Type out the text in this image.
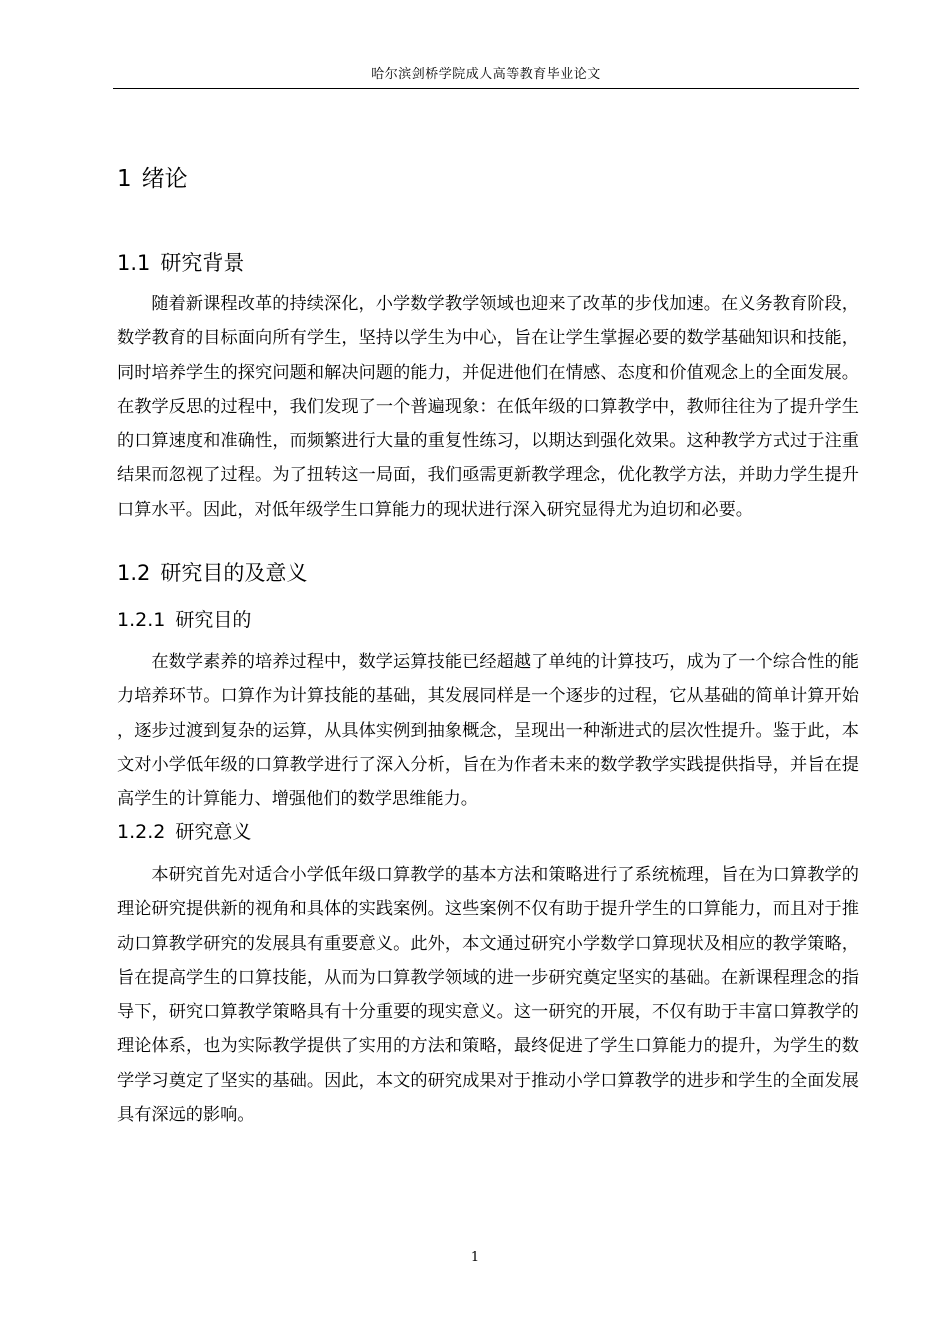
哈尔滨剑桥学院成人高等教育毕业论文
1 绪论
1.1 研究背景

随着新课程改革的持续深化，小学数学教学领域也迎来了改革的步伐加速。在义务教育阶段，数学教育的目标面向所有学生，坚持以学生为中心，旨在让学生掌握必要的数学基础知识和技能，同时培养学生的探究问题和解决问题的能力，并促进他们在情感、态度和价值观念上的全面发展。在教学反思的过程中，我们发现了一个普遍现象：在低年级的口算教学中，教师往往为了提升学生的口算速度和准确性，而频繁进行大量的重复性练习，以期达到强化效果。这种教学方式过于注重结果而忽视了过程。为了扭转这一局面，我们亟需更新教学理念，优化教学方法，并助力学生提升口算水平。因此，对低年级学生口算能力的现状进行深入研究显得尤为迫切和必要。

1.2 研究目的及意义
1.2.1 研究目的

在数学素养的培养过程中，数学运算技能已经超越了单纯的计算技巧，成为了一个综合性的能力培养环节。口算作为计算技能的基础，其发展同样是一个逐步的过程，它从基础的简单计算开始，逐步过渡到复杂的运算，从具体实例到抽象概念，呈现出一种渐进式的层次性提升。鉴于此，本文对小学低年级的口算教学进行了深入分析，旨在为作者未来的数学教学实践提供指导，并旨在提高学生的计算能力、增强他们的数学思维能力。

1.2.2 研究意义

本研究首先对适合小学低年级口算教学的基本方法和策略进行了系统梳理，旨在为口算教学的理论研究提供新的视角和具体的实践案例。这些案例不仅有助于提升学生的口算能力，而且对于推动口算教学研究的发展具有重要意义。此外，本文通过研究小学数学口算现状及相应的教学策略，旨在提高学生的口算技能，从而为口算教学领域的进一步研究奠定坚实的基础。在新课程理念的指导下，研究口算教学策略具有十分重要的现实意义。这一研究的开展，不仅有助于丰富口算教学的理论体系，也为实际教学提供了实用的方法和策略，最终促进了学生口算能力的提升，为学生的数学学习奠定了坚实的基础。因此，本文的研究成果对于推动小学口算教学的进步和学生的全面发展具有深远的影响。

1
